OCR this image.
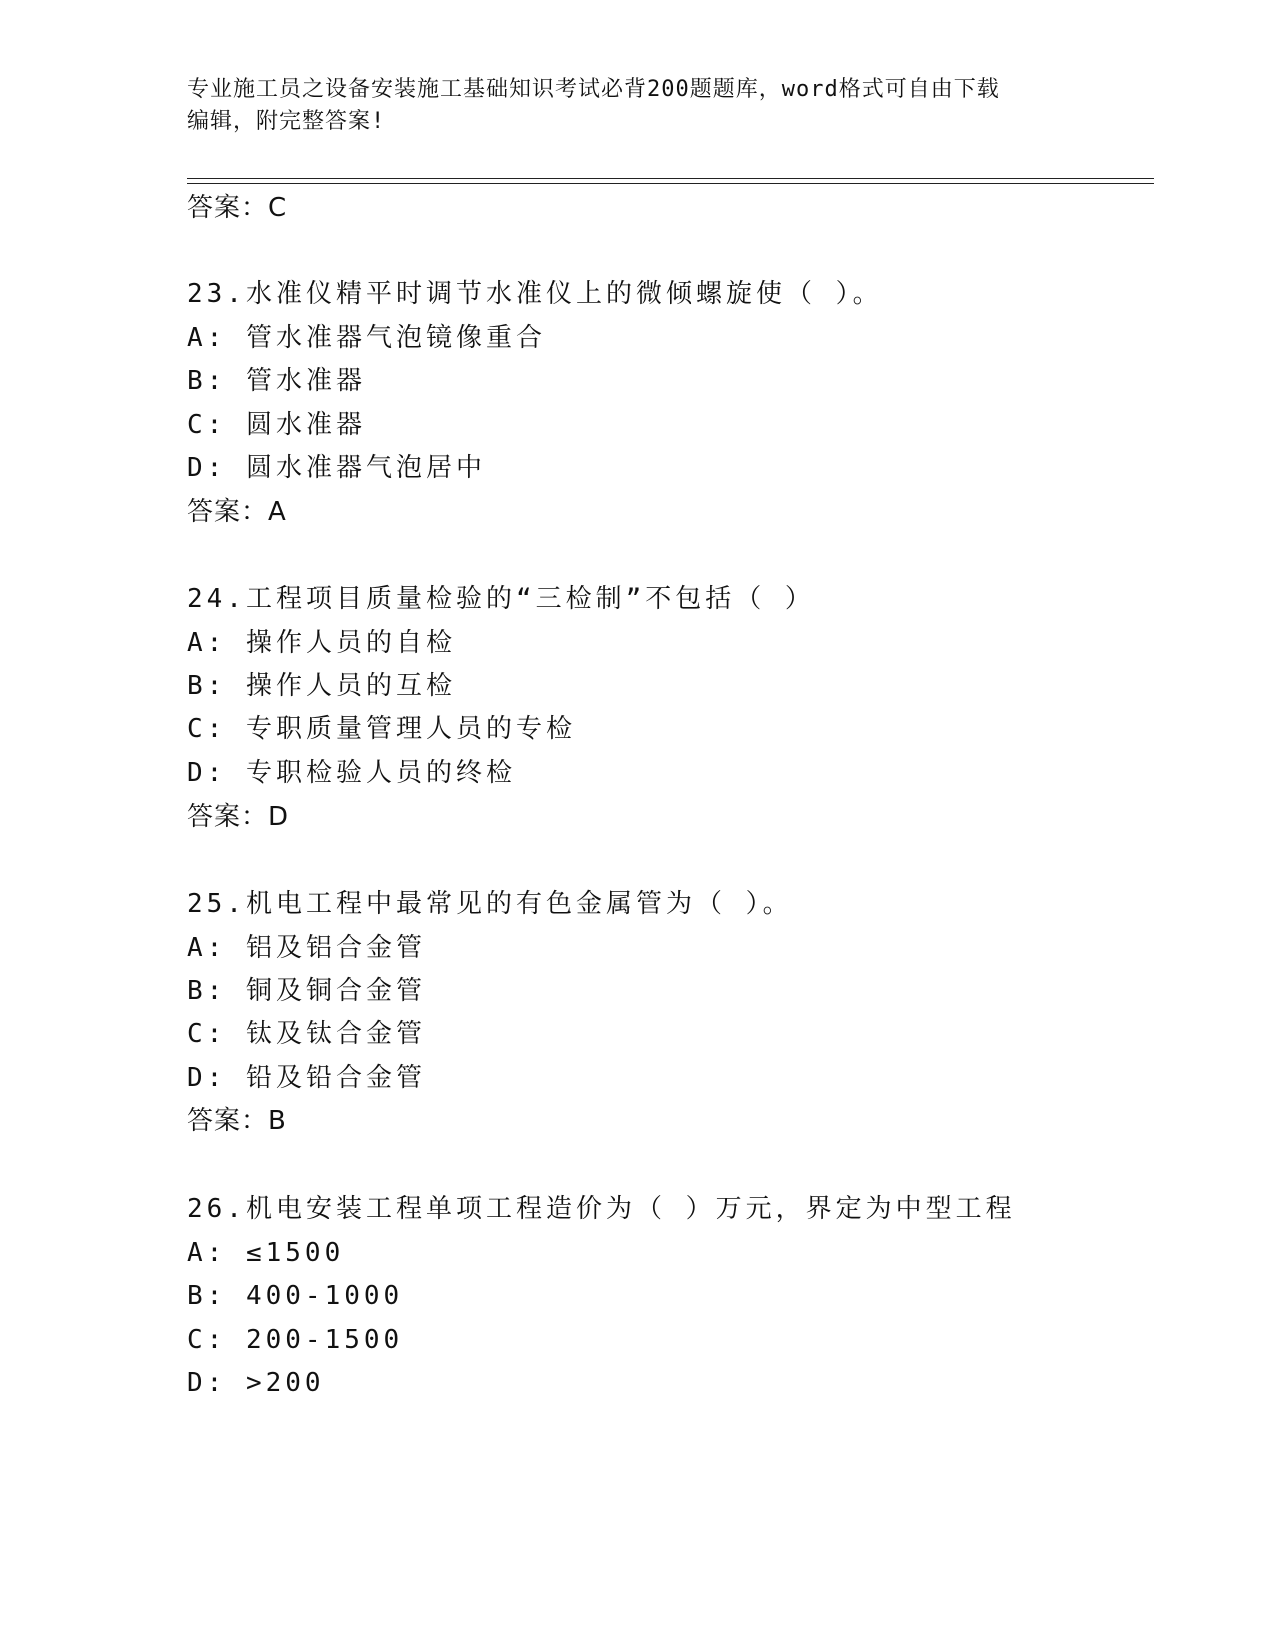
专业施工员之设备安装施工基础知识考试必背200题题库，word格式可自由下载
编辑，附完整答案!
答案：C
23.水准仪精平时调节水准仪上的微倾螺旋使（ ）。
A: 管水准器气泡镜像重合
B: 管水准器
C: 圆水准器
D: 圆水准器气泡居中
答案：A
24.工程项目质量检验的“三检制”不包括（ ）
A: 操作人员的自检
B: 操作人员的互检
C: 专职质量管理人员的专检
D: 专职检验人员的终检
答案：D
25.机电工程中最常见的有色金属管为（ ）。
A: 铝及铝合金管
B: 铜及铜合金管
C: 钛及钛合金管
D: 铅及铅合金管
答案：B
26.机电安装工程单项工程造价为（ ）万元，界定为中型工程
A: ≤1500
B: 400-1000
C: 200-1500
D: >200
